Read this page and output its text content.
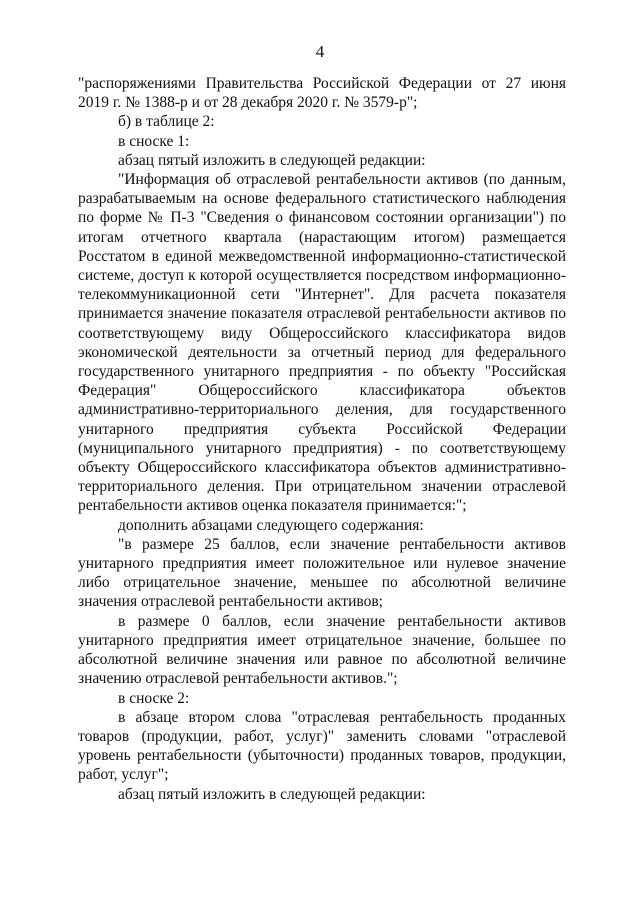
4

"распоряжениями Правительства Российской Федерации от 27 июня 2019 г. № 1388-р и от 28 декабря 2020 г. № 3579-р";

б) в таблице 2:

в сноске 1:

абзац пятый изложить в следующей редакции:

"Информация об отраслевой рентабельности активов (по данным, разрабатываемым на основе федерального статистического наблюдения по форме № П-3 "Сведения о финансовом состоянии организации") по итогам отчетного квартала (нарастающим итогом) размещается Росстатом в единой межведомственной информационно-статистической системе, доступ к которой осуществляется посредством информационно-телекоммуникационной сети "Интернет". Для расчета показателя принимается значение показателя отраслевой рентабельности активов по соответствующему виду Общероссийского классификатора видов экономической деятельности за отчетный период для федерального государственного унитарного предприятия - по объекту "Российская Федерация" Общероссийского классификатора объектов административно-территориального деления, для государственного унитарного предприятия субъекта Российской Федерации (муниципального унитарного предприятия) - по соответствующему объекту Общероссийского классификатора объектов административно-территориального деления. При отрицательном значении отраслевой рентабельности активов оценка показателя принимается:";

дополнить абзацами следующего содержания:

"в размере 25 баллов, если значение рентабельности активов унитарного предприятия имеет положительное или нулевое значение либо отрицательное значение, меньшее по абсолютной величине значения отраслевой рентабельности активов;

в размере 0 баллов, если значение рентабельности активов унитарного предприятия имеет отрицательное значение, большее по абсолютной величине значения или равное по абсолютной величине значению отраслевой рентабельности активов.";

в сноске 2:

в абзаце втором слова "отраслевая рентабельность проданных товаров (продукции, работ, услуг)" заменить словами "отраслевой уровень рентабельности (убыточности) проданных товаров, продукции, работ, услуг";

абзац пятый изложить в следующей редакции:
